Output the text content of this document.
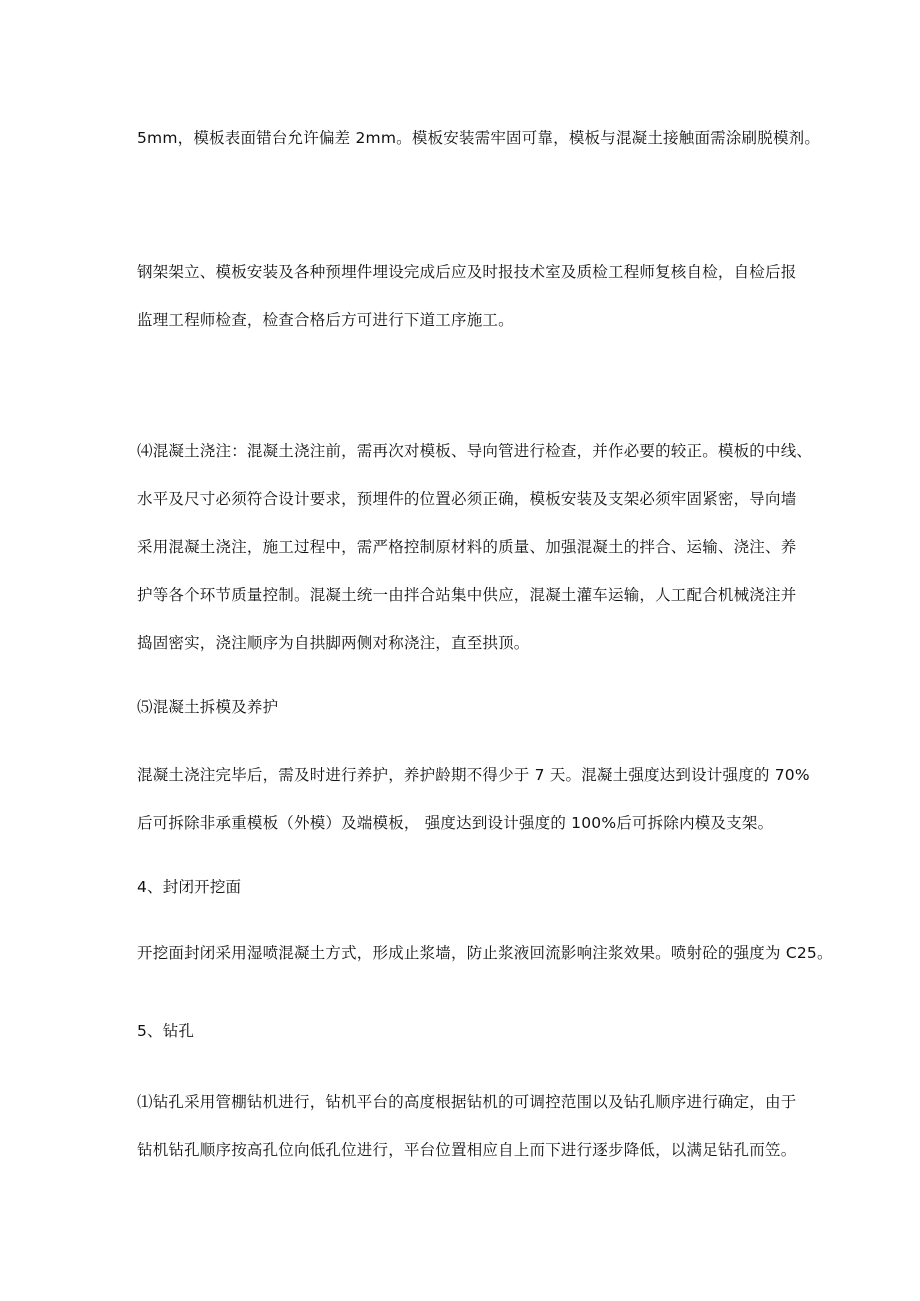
5mm，模板表面错台允许偏差 2mm。模板安装需牢固可靠，模板与混凝土接触面需涂刷脱模剂。
钢架架立、模板安装及各种预埋件埋设完成后应及时报技术室及质检工程师复核自检，自检后报
监理工程师检查，检查合格后方可进行下道工序施工。
⑷混凝土浇注：混凝土浇注前，需再次对模板、导向管进行检查，并作必要的较正。模板的中线、
水平及尺寸必须符合设计要求，预埋件的位置必须正确，模板安装及支架必须牢固紧密，导向墙
采用混凝土浇注，施工过程中，需严格控制原材料的质量、加强混凝土的拌合、运输、浇注、养
护等各个环节质量控制。混凝土统一由拌合站集中供应，混凝土灌车运输，人工配合机械浇注并
捣固密实，浇注顺序为自拱脚两侧对称浇注，直至拱顶。
⑸混凝土拆模及养护
混凝土浇注完毕后，需及时进行养护，养护龄期不得少于 7 天。混凝土强度达到设计强度的 70%
后可拆除非承重模板（外模）及端模板， 强度达到设计强度的 100%后可拆除内模及支架。
4、封闭开挖面
开挖面封闭采用湿喷混凝土方式，形成止浆墙，防止浆液回流影响注浆效果。喷射砼的强度为 C25。
5、钻孔
⑴钻孔采用管棚钻机进行，钻机平台的高度根据钻机的可调控范围以及钻孔顺序进行确定，由于
钻机钻孔顺序按高孔位向低孔位进行，平台位置相应自上而下进行逐步降低，以满足钻孔而笠。
